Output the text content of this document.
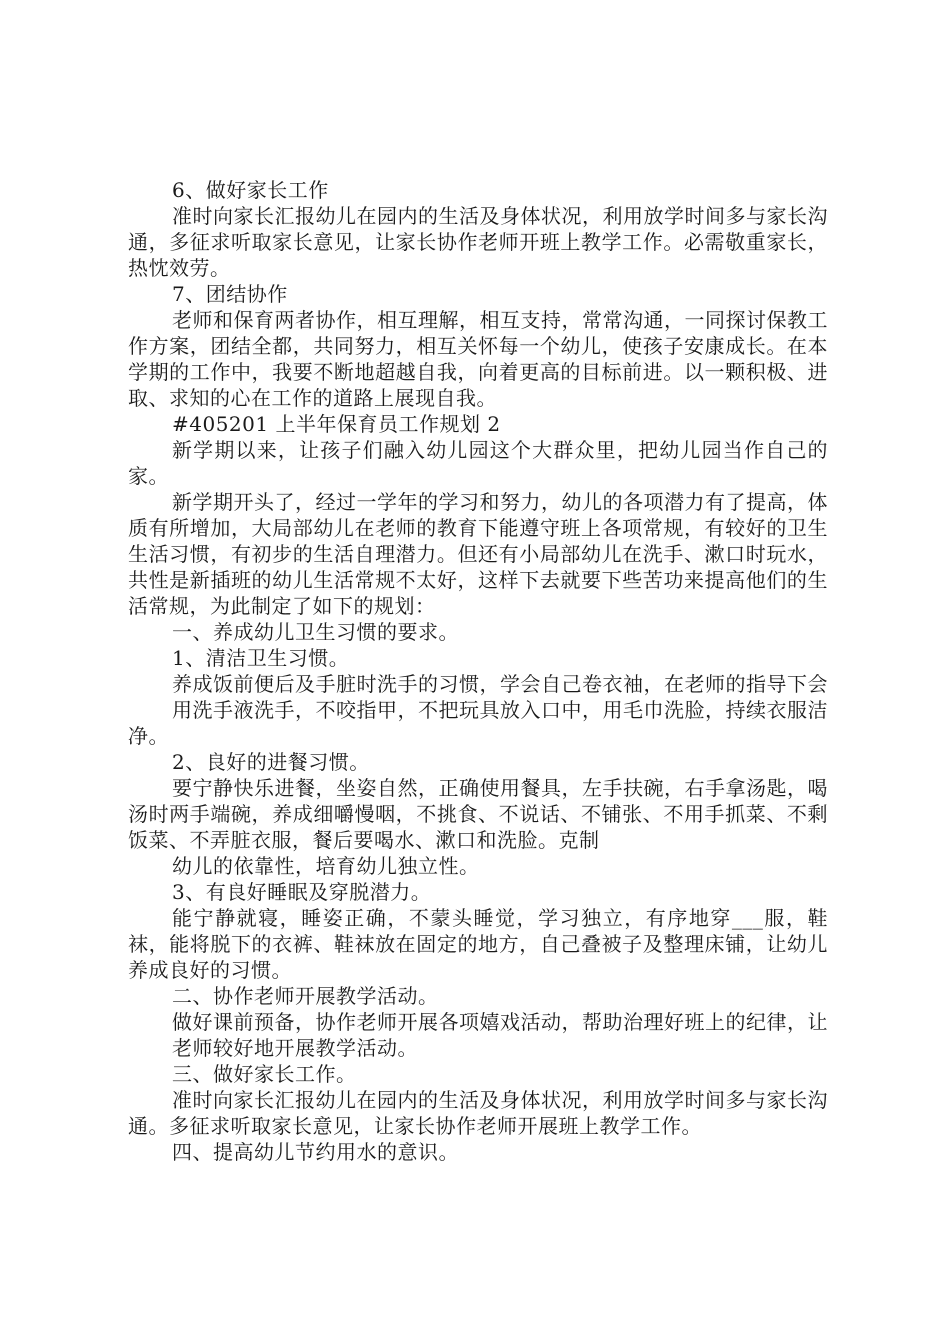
6、做好家长工作

准时向家长汇报幼儿在园内的生活及身体状况，利用放学时间多与家长沟通，多征求听取家长意见，让家长协作老师开班上教学工作。必需敬重家长，热忱效劳。

7、团结协作

老师和保育两者协作，相互理解，相互支持，常常沟通，一同探讨保教工作方案，团结全都，共同努力，相互关怀每一个幼儿，使孩子安康成长。在本学期的工作中，我要不断地超越自我，向着更高的目标前进。以一颗积极、进取、求知的心在工作的道路上展现自我。

#405201 上半年保育员工作规划 2

新学期以来，让孩子们融入幼儿园这个大群众里，把幼儿园当作自己的家。

新学期开头了，经过一学年的学习和努力，幼儿的各项潜力有了提高，体质有所增加，大局部幼儿在老师的教育下能遵守班上各项常规，有较好的卫生生活习惯，有初步的生活自理潜力。但还有小局部幼儿在洗手、漱口时玩水，共性是新插班的幼儿生活常规不太好，这样下去就要下些苦功来提高他们的生活常规，为此制定了如下的规划：

一、养成幼儿卫生习惯的要求。

1、清洁卫生习惯。

养成饭前便后及手脏时洗手的习惯，学会自己卷衣袖，在老师的指导下会

用洗手液洗手，不咬指甲，不把玩具放入口中，用毛巾洗脸，持续衣服洁净。

2、良好的进餐习惯。

要宁静快乐进餐，坐姿自然，正确使用餐具，左手扶碗，右手拿汤匙，喝汤时两手端碗，养成细嚼慢咽，不挑食、不说话、不铺张、不用手抓菜、不剩饭菜、不弄脏衣服，餐后要喝水、漱口和洗脸。克制

幼儿的依靠性，培育幼儿独立性。

3、有良好睡眠及穿脱潜力。

能宁静就寝，睡姿正确，不蒙头睡觉，学习独立，有序地穿___服，鞋袜，能将脱下的衣裤、鞋袜放在固定的地方，自己叠被子及整理床铺，让幼儿养成良好的习惯。

二、协作老师开展教学活动。

做好课前预备，协作老师开展各项嬉戏活动，帮助治理好班上的纪律，让

老师较好地开展教学活动。

三、做好家长工作。

准时向家长汇报幼儿在园内的生活及身体状况，利用放学时间多与家长沟通。多征求听取家长意见，让家长协作老师开展班上教学工作。

四、提高幼儿节约用水的意识。
